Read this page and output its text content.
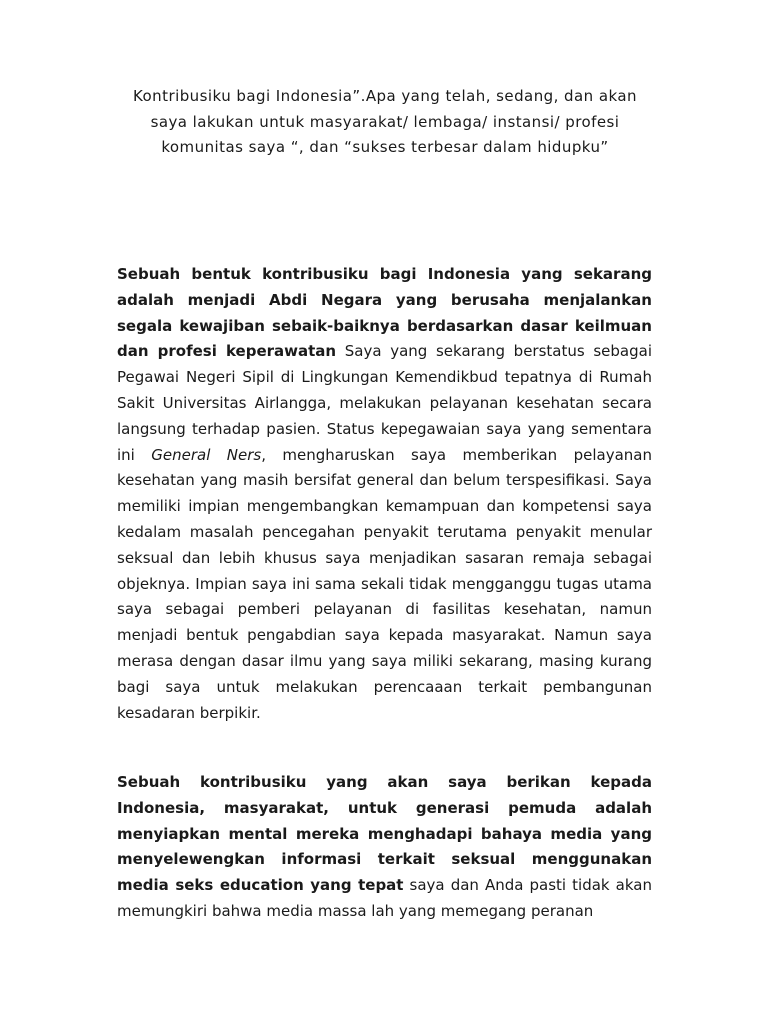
Kontribusiku bagi Indonesia”.Apa yang telah, sedang, dan akan saya lakukan untuk masyarakat/ lembaga/ instansi/ profesi komunitas saya “, dan “sukses terbesar dalam hidupku”

Sebuah bentuk kontribusiku bagi Indonesia yang sekarang adalah menjadi Abdi Negara yang berusaha menjalankan segala kewajiban sebaik-baiknya berdasarkan dasar keilmuan dan profesi keperawatan Saya yang sekarang berstatus sebagai Pegawai Negeri Sipil di Lingkungan Kemendikbud tepatnya di Rumah Sakit Universitas Airlangga, melakukan pelayanan kesehatan secara langsung terhadap pasien. Status kepegawaian saya yang sementara ini General Ners, mengharuskan saya memberikan pelayanan kesehatan yang masih bersifat general dan belum terspesifikasi. Saya memiliki impian mengembangkan kemampuan dan kompetensi saya kedalam masalah pencegahan penyakit terutama penyakit menular seksual dan lebih khusus saya menjadikan sasaran remaja sebagai objeknya. Impian saya ini sama sekali tidak mengganggu tugas utama saya sebagai pemberi pelayanan di fasilitas kesehatan, namun menjadi bentuk pengabdian saya kepada masyarakat. Namun saya merasa dengan dasar ilmu yang saya miliki sekarang, masing kurang bagi saya untuk melakukan perencaaan terkait pembangunan kesadaran berpikir.

Sebuah kontribusiku yang akan saya berikan kepada Indonesia, masyarakat, untuk generasi pemuda adalah menyiapkan mental mereka menghadapi bahaya media yang menyelewengkan informasi terkait seksual menggunakan media seks education yang tepat saya dan Anda pasti tidak akan memungkiri bahwa media massa lah yang memegang peranan
